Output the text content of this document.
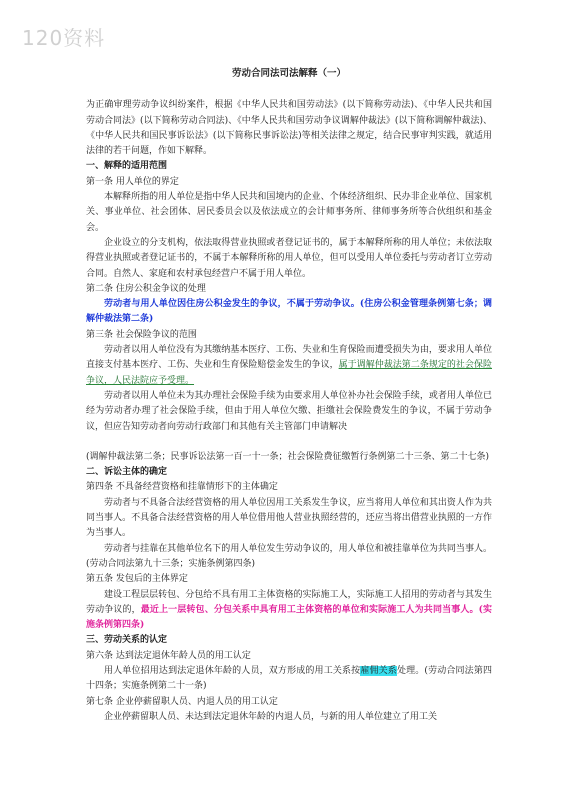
120资料
劳动合同法司法解释（一）

为正确审理劳动争议纠纷案件，根据《中华人民共和国劳动法》(以下简称劳动法)、《中华人民共和国劳动合同法》(以下简称劳动合同法)、《中华人民共和国劳动争议调解仲裁法》(以下简称调解仲裁法)、《中华人民共和国民事诉讼法》(以下简称民事诉讼法)等相关法律之规定，结合民事审判实践，就适用法律的若干问题，作如下解释。

一、解释的适用范围

第一条 用人单位的界定

本解释所指的用人单位是指中华人民共和国境内的企业、个体经济组织、民办非企业单位、国家机关、事业单位、社会团体、居民委员会以及依法成立的会计师事务所、律师事务所等合伙组织和基金会。

企业设立的分支机构，依法取得营业执照或者登记证书的，属于本解释所称的用人单位；未依法取得营业执照或者登记证书的，不属于本解释所称的用人单位，但可以受用人单位委托与劳动者订立劳动合同。自然人、家庭和农村承包经营户不属于用人单位。

第二条 住房公积金争议的处理

劳动者与用人单位因住房公积金发生的争议，不属于劳动争议。(住房公积金管理条例第七条；调解仲裁法第二条)

第三条 社会保险争议的范围

劳动者以用人单位没有为其缴纳基本医疗、工伤、失业和生育保险而遭受损失为由，要求用人单位直接支付基本医疗、工伤、失业和生育保险赔偿金发生的争议，属于调解仲裁法第二条规定的社会保险争议，人民法院应予受理。

劳动者以用人单位未为其办理社会保险手续为由要求用人单位补办社会保险手续，或者用人单位已经为劳动者办理了社会保险手续，但由于用人单位欠缴、拒缴社会保险费发生的争议，不属于劳动争议，但应告知劳动者向劳动行政部门和其他有关主管部门申请解决

(调解仲裁法第二条；民事诉讼法第一百一十一条；社会保险费征缴暂行条例第二十三条、第二十七条)

二、诉讼主体的确定

第四条 不具备经营资格和挂靠情形下的主体确定

劳动者与不具备合法经营资格的用人单位因用工关系发生争议，应当将用人单位和其出资人作为共同当事人。不具备合法经营资格的用人单位借用他人营业执照经营的，还应当将出借营业执照的一方作为当事人。

劳动者与挂靠在其他单位名下的用人单位发生劳动争议的，用人单位和被挂靠单位为共同当事人。(劳动合同法第九十三条；实施条例第四条)

第五条 发包后的主体界定

建设工程层层转包、分包给不具有用工主体资格的实际施工人，实际施工人招用的劳动者与其发生劳动争议的，最近上一层转包、分包关系中具有用工主体资格的单位和实际施工人为共同当事人。(实施条例第四条)

三、劳动关系的认定

第六条 达到法定退休年龄人员的用工认定

用人单位招用达到法定退休年龄的人员，双方形成的用工关系按雇佣关系处理。(劳动合同法第四十四条；实施条例第二十一条)

第七条 企业停薪留职人员、内退人员的用工认定

企业停薪留职人员、未达到法定退休年龄的内退人员，与新的用人单位建立了用工关
